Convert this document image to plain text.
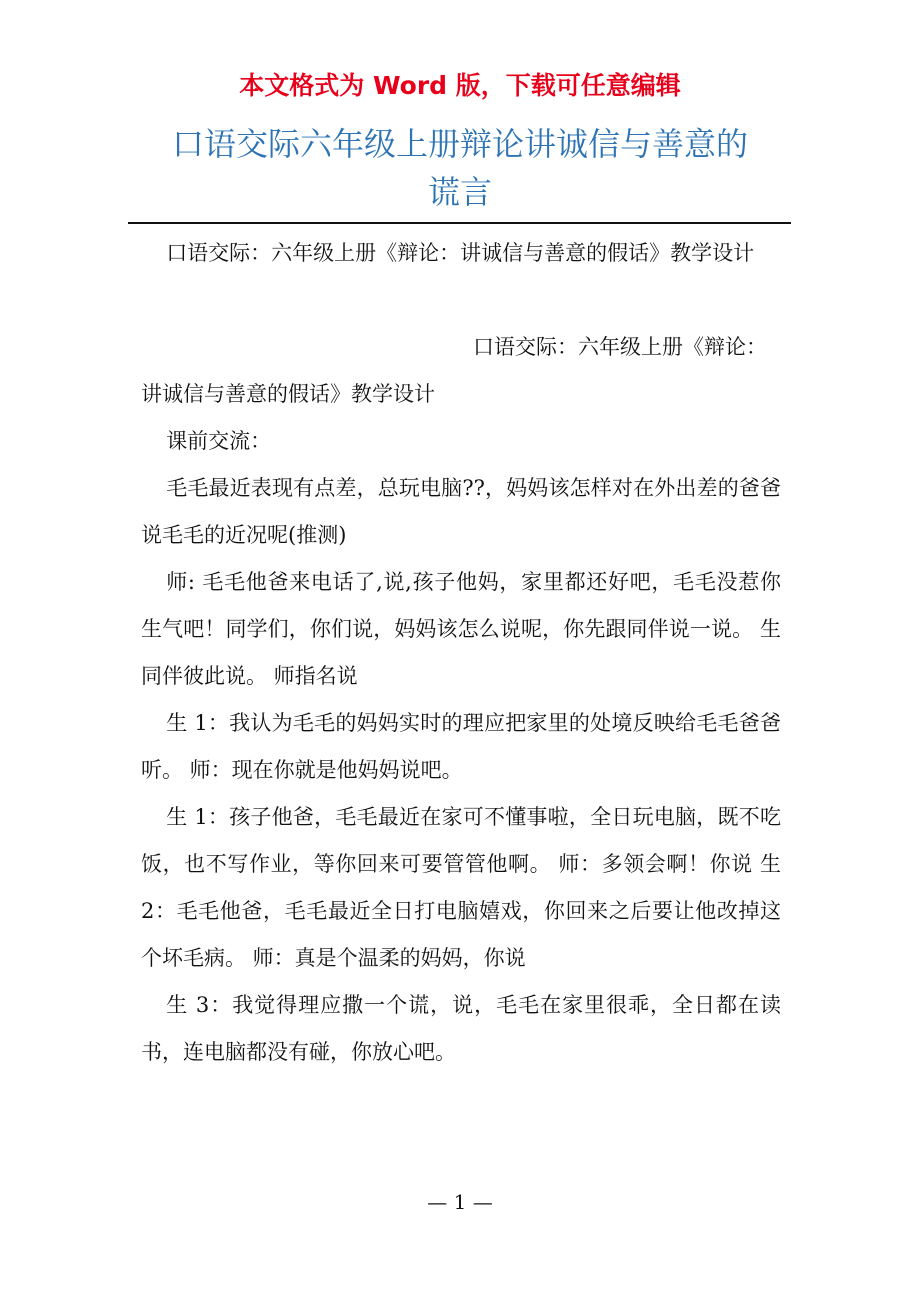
本文格式为 Word 版，下载可任意编辑
口语交际六年级上册辩论讲诚信与善意的
谎言

口语交际：六年级上册《辩论：讲诚信与善意的假话》教学设计

口语交际：六年级上册《辩论：

讲诚信与善意的假话》教学设计

课前交流：

毛毛最近表现有点差，总玩电脑??，妈妈该怎样对在外出差的爸爸说毛毛的近况呢(推测)

师: 毛毛他爸来电话了,说,孩子他妈，家里都还好吧，毛毛没惹你生气吧！同学们，你们说，妈妈该怎么说呢，你先跟同伴说一说。 生同伴彼此说。 师指名说

生 1：我认为毛毛的妈妈实时的理应把家里的处境反映给毛毛爸爸听。 师：现在你就是他妈妈说吧。

生 1：孩子他爸，毛毛最近在家可不懂事啦，全日玩电脑，既不吃饭，也不写作业，等你回来可要管管他啊。 师：多领会啊！你说 生 2：毛毛他爸，毛毛最近全日打电脑嬉戏，你回来之后要让他改掉这个坏毛病。 师：真是个温柔的妈妈，你说

生 3：我觉得理应撒一个谎，说，毛毛在家里很乖，全日都在读书，连电脑都没有碰，你放心吧。

— 1 —
